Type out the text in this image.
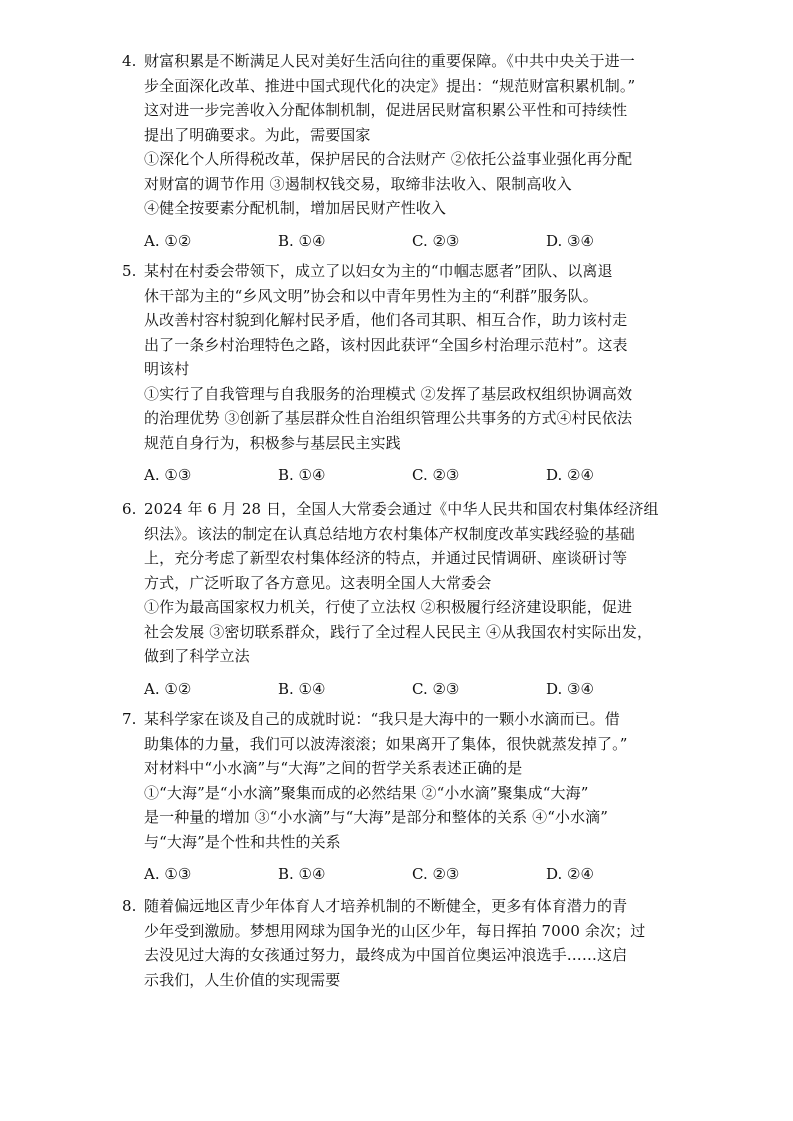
4. 财富积累是不断满足人民对美好生活向往的重要保障。《中共中央关于进一
步全面深化改革、推进中国式现代化的决定》提出：“规范财富积累机制。”
这对进一步完善收入分配体制机制，促进居民财富积累公平性和可持续性
提出了明确要求。为此，需要国家
①深化个人所得税改革，保护居民的合法财产 ②依托公益事业强化再分配
对财富的调节作用 ③遏制权钱交易，取缔非法收入、限制高收入
④健全按要素分配机制，增加居民财产性收入
A. ①②	B. ①④	C. ②③	D. ③④
5. 某村在村委会带领下，成立了以妇女为主的“巾帼志愿者”团队、以离退
休干部为主的“乡风文明”协会和以中青年男性为主的“利群”服务队。
从改善村容村貌到化解村民矛盾，他们各司其职、相互合作，助力该村走
出了一条乡村治理特色之路，该村因此获评“全国乡村治理示范村”。这表
明该村
①实行了自我管理与自我服务的治理模式 ②发挥了基层政权组织协调高效
的治理优势 ③创新了基层群众性自治组织管理公共事务的方式④村民依法
规范自身行为，积极参与基层民主实践
A. ①③	B. ①④	C. ②③	D. ②④
6. 2024 年 6 月 28 日，全国人大常委会通过《中华人民共和国农村集体经济组
织法》。该法的制定在认真总结地方农村集体产权制度改革实践经验的基础
上，充分考虑了新型农村集体经济的特点，并通过民情调研、座谈研讨等
方式，广泛听取了各方意见。这表明全国人大常委会
①作为最高国家权力机关，行使了立法权 ②积极履行经济建设职能，促进
社会发展 ③密切联系群众，践行了全过程人民民主 ④从我国农村实际出发，
做到了科学立法
A. ①②	B. ①④	C. ②③	D. ③④
7. 某科学家在谈及自己的成就时说：“我只是大海中的一颗小水滴而已。借
助集体的力量，我们可以波涛滚滚；如果离开了集体，很快就蒸发掉了。”
对材料中“小水滴”与“大海”之间的哲学关系表述正确的是
①“大海”是“小水滴”聚集而成的必然结果 ②“小水滴”聚集成“大海”
是一种量的增加 ③“小水滴”与“大海”是部分和整体的关系 ④“小水滴”
与“大海”是个性和共性的关系
A. ①③	B. ①④	C. ②③	D. ②④
8. 随着偏远地区青少年体育人才培养机制的不断健全，更多有体育潜力的青
少年受到激励。梦想用网球为国争光的山区少年，每日挥拍 7000 余次；过
去没见过大海的女孩通过努力，最终成为中国首位奥运冲浪选手……这启
示我们，人生价值的实现需要
